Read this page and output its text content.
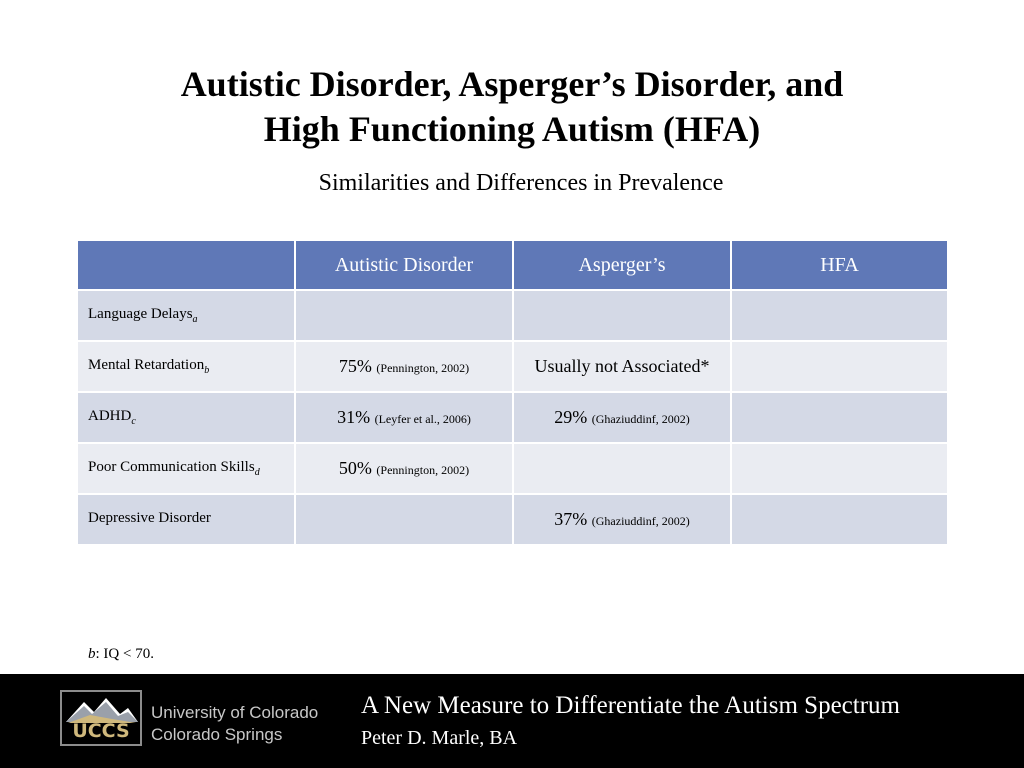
Autistic Disorder, Asperger’s Disorder, and
High Functioning Autism (HFA)
Similarities and Differences in Prevalence
	Autistic Disorder	Asperger’s	HFA
Language Delays$_a$			
Mental Retardation$_b$	75% (Pennington, 2002)	Usually not Associated*	
$ADHD_c$	31% (Leyfer et al., 2006)	29% (Ghaziuddinf, 2002)	
Poor Communication Skills$_d$	50% (Pennington, 2002)		
Depressive Disorder		37% (Ghaziuddinf, 2002)	
b: IQ < 70.
UCCS
University of Colorado
Colorado Springs
A New Measure to Differentiate the Autism Spectrum
Peter D. Marle, BA
